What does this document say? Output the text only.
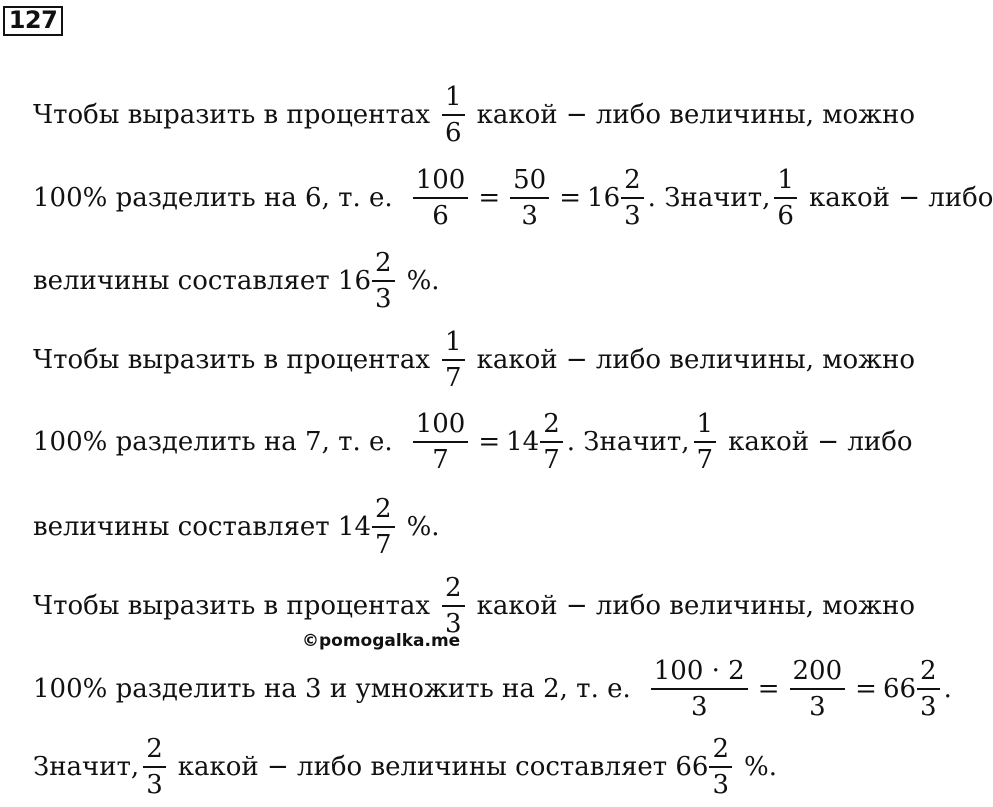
127
Чтобы выразить в процентах $\frac{1}{6}$ какой − либо величины, можно
100% разделить на 6, т. е. $\frac{100}{6} = \frac{50}{3} = 16 \frac{2}{3}$ . Значит, $\frac{1}{6}$ какой − либо
величины составляет $16 \frac{2}{3}$ %.
Чтобы выразить в процентах $\frac{1}{7}$ какой − либо величины, можно
100% разделить на 7, т. е. $\frac{100}{7} = 14 \frac{2}{7}$ . Значит, $\frac{1}{7}$ какой − либо
величины составляет $14 \frac{2}{7}$ %.
Чтобы выразить в процентах $\frac{2}{3}$ какой − либо величины, можно
©pomogalka.me
100% разделить на 3 и умножить на 2, т. е. $\frac{100 \cdot 2}{3} = \frac{200}{3} = 66 \frac{2}{3}$ .
Значит, $\frac{2}{3}$ какой − либо величины составляет $66 \frac{2}{3}$ %.
